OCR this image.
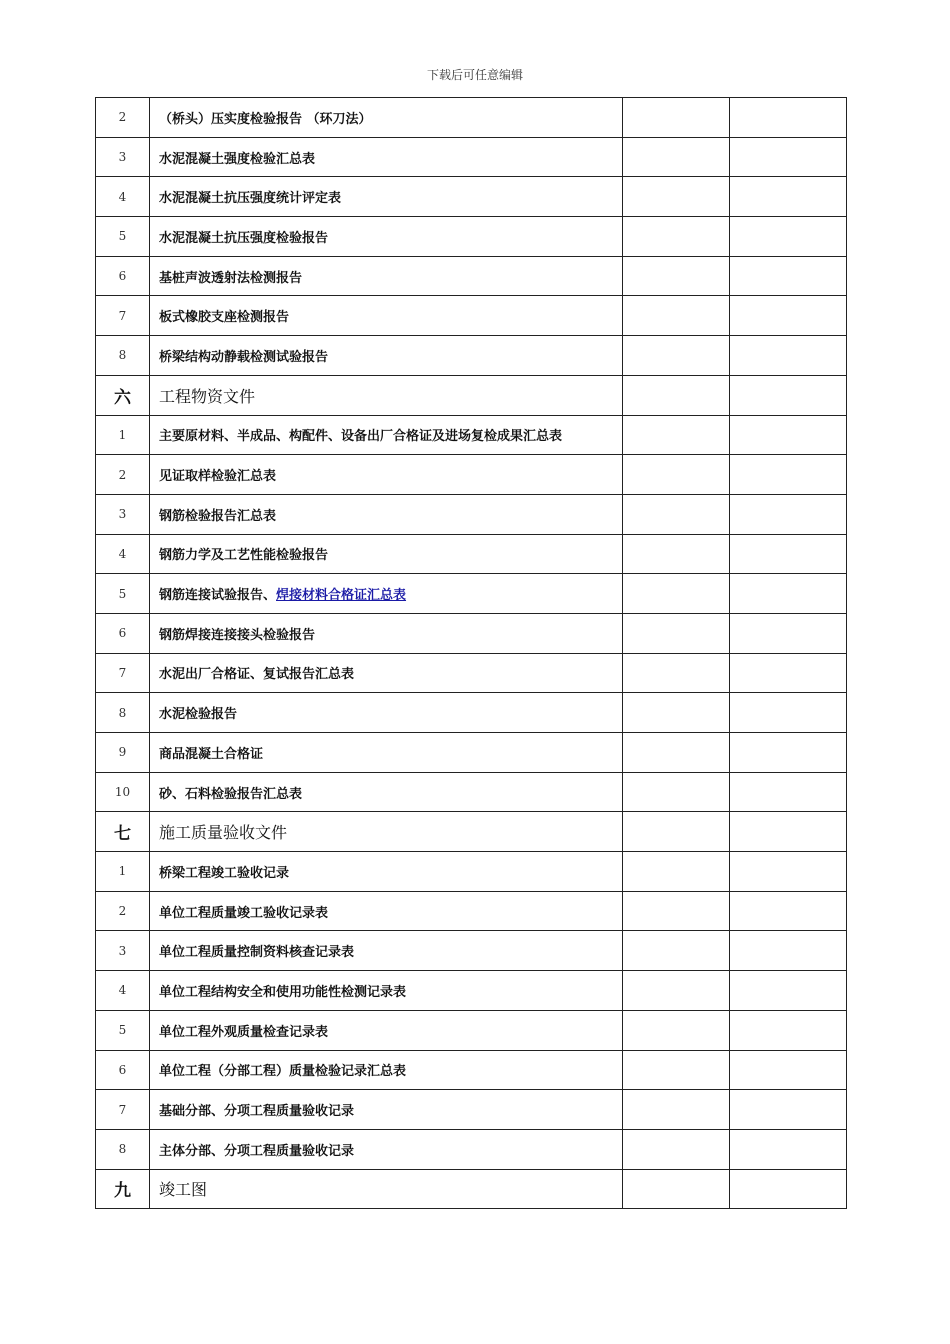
下载后可任意编辑
2	（桥头）压实度检验报告 （环刀法）		
3	水泥混凝土强度检验汇总表		
4	水泥混凝土抗压强度统计评定表		
5	水泥混凝土抗压强度检验报告		
6	基桩声波透射法检测报告		
7	板式橡胶支座检测报告		
8	桥梁结构动静载检测试验报告		
六	工程物资文件		
1	主要原材料、半成品、构配件、设备出厂合格证及进场复检成果汇总表		
2	见证取样检验汇总表		
3	钢筋检验报告汇总表		
4	钢筋力学及工艺性能检验报告		
5	钢筋连接试验报告、焊接材料合格证汇总表		
6	钢筋焊接连接接头检验报告		
7	水泥出厂合格证、复试报告汇总表		
8	水泥检验报告		
9	商品混凝土合格证		
10	砂、石料检验报告汇总表		
七	施工质量验收文件		
1	桥梁工程竣工验收记录		
2	单位工程质量竣工验收记录表		
3	单位工程质量控制资料核查记录表		
4	单位工程结构安全和使用功能性检测记录表		
5	单位工程外观质量检查记录表		
6	单位工程（分部工程）质量检验记录汇总表		
7	基础分部、分项工程质量验收记录		
8	主体分部、分项工程质量验收记录		
九	竣工图		
